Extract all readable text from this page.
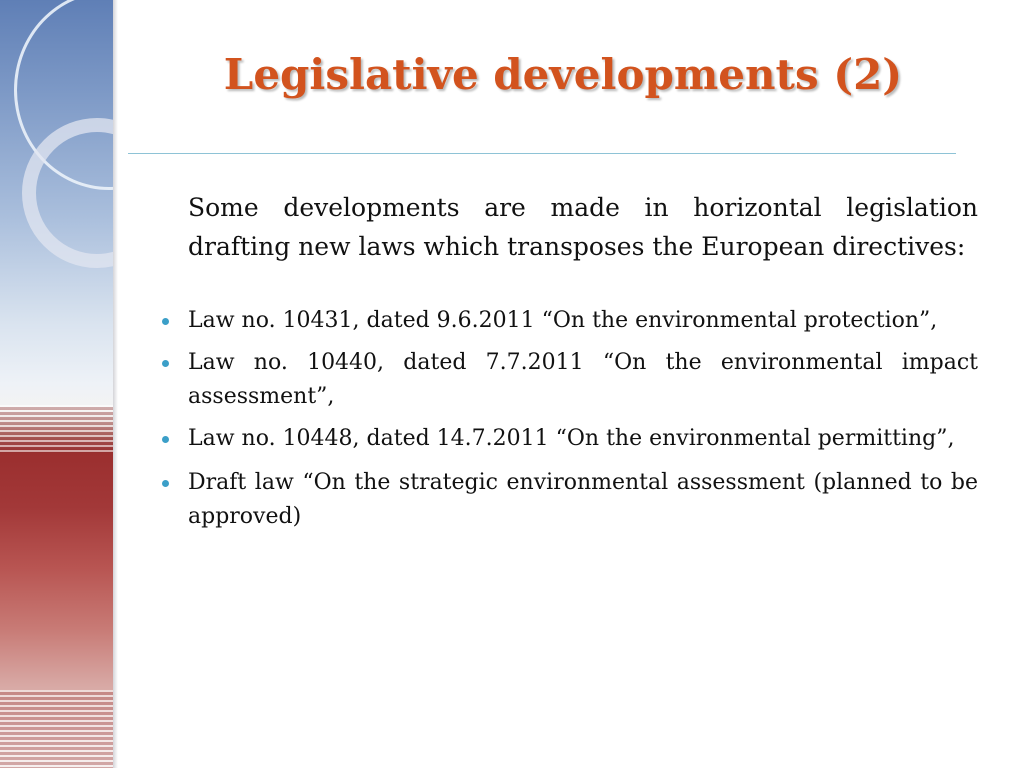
Legislative developments (2)

Some developments are made in horizontal legislation drafting new laws which transposes the European directives:

Law no. 10431, dated 9.6.2011 “On the environmental protection”,
Law no. 10440, dated 7.7.2011 “On the environmental impact assessment”,
Law no. 10448, dated 14.7.2011 “On the environmental permitting”,
Draft law “On the strategic environmental assessment (planned to be approved)
